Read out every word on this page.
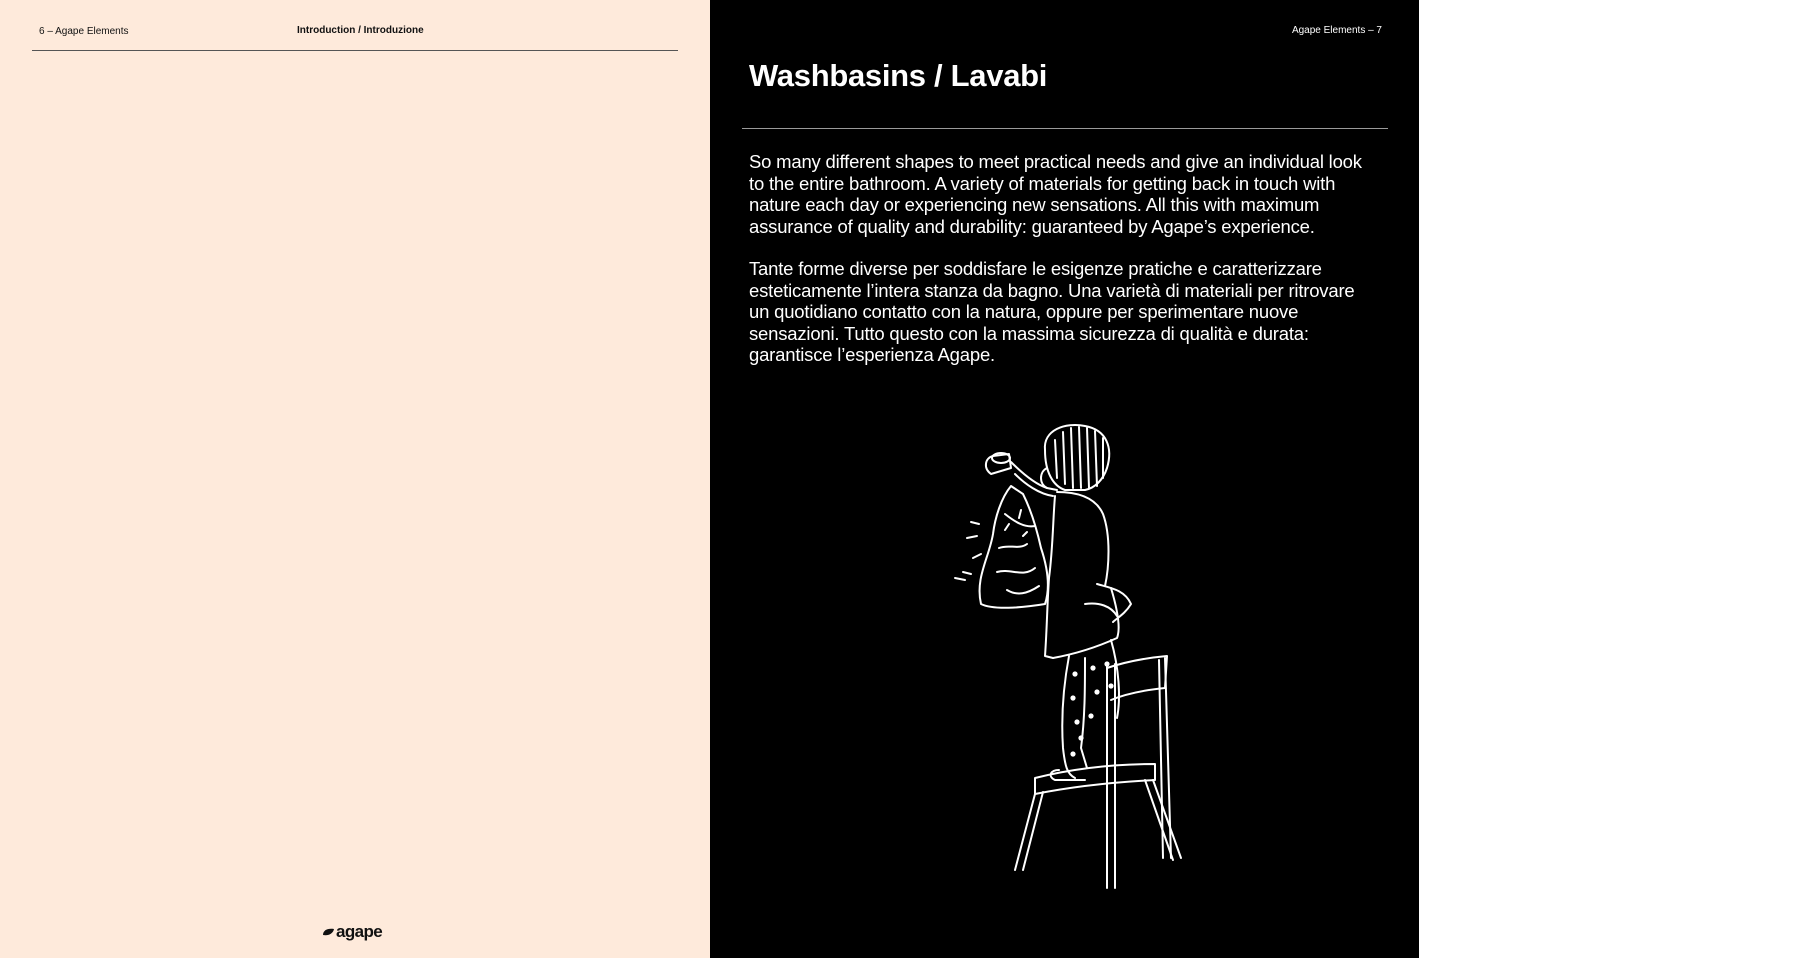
6 – Agape Elements	Introduction / Introduzione
agape
Agape Elements – 7
Washbasins / Lavabi

So many different shapes to meet practical needs and give an individual look to the entire bathroom. A variety of materials for getting back in touch with nature each day or experiencing new sensations. All this with maximum assurance of quality and durability: guaranteed by Agape’s experience.

Tante forme diverse per soddisfare le esigenze pratiche e caratterizzare esteticamente l’intera stanza da bagno. Una varietà di materiali per ritrovare un quotidiano contatto con la natura, oppure per sperimentare nuove sensazioni. Tutto questo con la massima sicurezza di qualità e durata: garantisce l’esperienza Agape.

agape
